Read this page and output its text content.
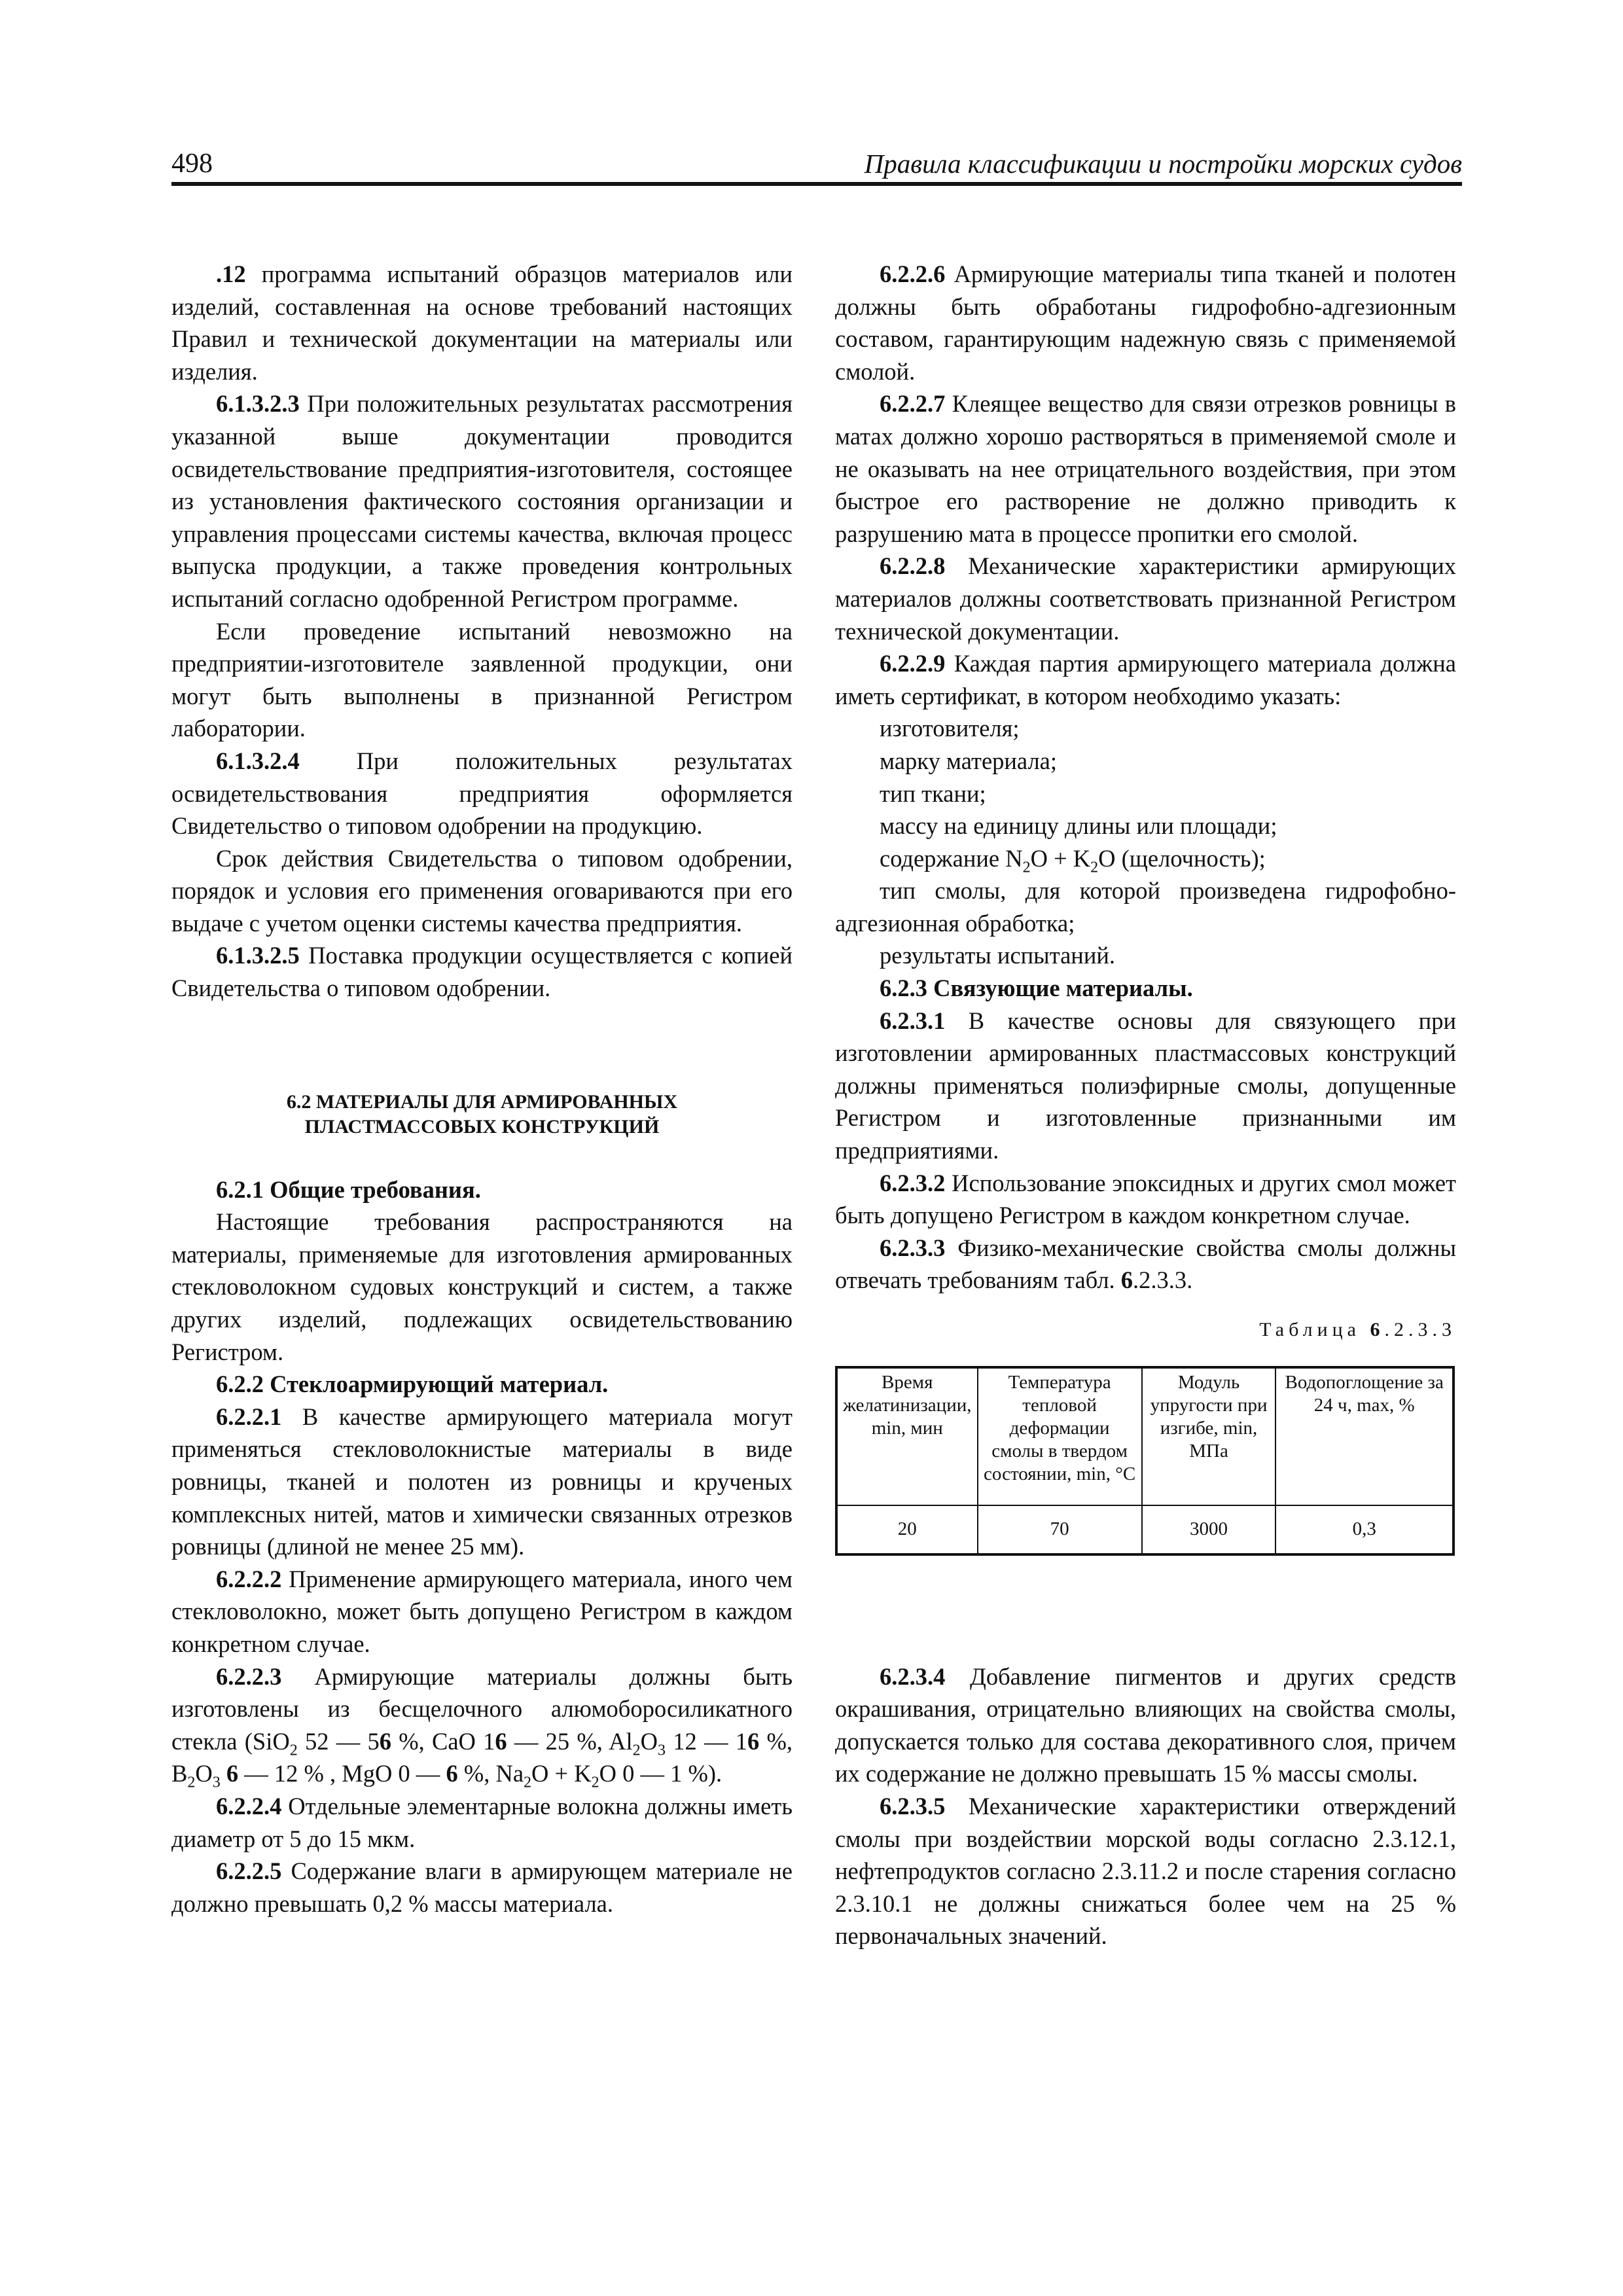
498	Правила классификации и постройки морских судов

.12 программа испытаний образцов материалов или изделий, составленная на основе требований настоящих Правил и технической документации на материалы или изделия.

6.1.3.2.3 При положительных результатах рассмотрения указанной выше документации проводится освидетельствование предприятия-изготовителя, состоящее из установления фактического состояния организации и управления процессами системы качества, включая процесс выпуска продукции, а также проведения контрольных испытаний согласно одобренной Регистром программе.

Если проведение испытаний невозможно на предприятии-изготовителе заявленной продукции, они могут быть выполнены в признанной Регистром лаборатории.

6.1.3.2.4 При положительных результатах освидетельствования предприятия оформляется Свидетельство о типовом одобрении на продукцию.

Срок действия Свидетельства о типовом одобрении, порядок и условия его применения оговариваются при его выдаче с учетом оценки системы качества предприятия.

6.1.3.2.5 Поставка продукции осуществляется с копией Свидетельства о типовом одобрении.

6.2 МАТЕРИАЛЫ ДЛЯ АРМИРОВАННЫХ
ПЛАСТМАССОВЫХ КОНСТРУКЦИЙ

6.2.1 Общие требования.

Настоящие требования распространяются на материалы, применяемые для изготовления армированных стекловолокном судовых конструкций и систем, а также других изделий, подлежащих освидетельствованию Регистром.

6.2.2 Стеклоармирующий материал.

6.2.2.1 В качестве армирующего материала могут применяться стекловолокнистые материалы в виде ровницы, тканей и полотен из ровницы и крученых комплексных нитей, матов и химически связанных отрезков ровницы (длиной не менее 25 мм).

6.2.2.2 Применение армирующего материала, иного чем стекловолокно, может быть допущено Регистром в каждом конкретном случае.

6.2.2.3 Армирующие материалы должны быть изготовлены из бесщелочного алюмоборосиликатного стекла (SiO$_2$ 52 — 56 %, CaO 16 — 25 %, $Al_2O_3$ 12 — 16 %, $B_2O_3$ 6 — 12 % , MgO 0 — 6 %, $Na_2O + K_2O$ 0 — 1 %).

6.2.2.4 Отдельные элементарные волокна должны иметь диаметр от 5 до 15 мкм.

6.2.2.5 Содержание влаги в армирующем материале не должно превышать 0,2 % массы материала.

6.2.2.6 Армирующие материалы типа тканей и полотен должны быть обработаны гидрофобно-адгезионным составом, гарантирующим надежную связь с применяемой смолой.

6.2.2.7 Клеящее вещество для связи отрезков ровницы в матах должно хорошо растворяться в применяемой смоле и не оказывать на нее отрицательного воздействия, при этом быстрое его растворение не должно приводить к разрушению мата в процессе пропитки его смолой.

6.2.2.8 Механические характеристики армирующих материалов должны соответствовать признанной Регистром технической документации.

6.2.2.9 Каждая партия армирующего материала должна иметь сертификат, в котором необходимо указать:

изготовителя;

марку материала;

тип ткани;

массу на единицу длины или площади;

содержание $N_2O + K_2O$ (щелочность);

тип смолы, для которой произведена гидрофобно-адгезионная обработка;

результаты испытаний.

6.2.3 Связующие материалы.

6.2.3.1 В качестве основы для связующего при изготовлении армированных пластмассовых конструкций должны применяться полиэфирные смолы, допущенные Регистром и изготовленные признанными им предприятиями.

6.2.3.2 Использование эпоксидных и других смол может быть допущено Регистром в каждом конкретном случае.

6.2.3.3 Физико-механические свойства смолы должны отвечать требованиям табл. 6.2.3.3.

Таблица 6.2.3.3

Время желатинизации, min, мин	Температура тепловой деформации смолы в твердом состоянии, min, °С	Модуль упругости при изгибе, min, МПа	Водопоглощение за 24 ч, max, %
20	70	3000	0,3

6.2.3.4 Добавление пигментов и других средств окрашивания, отрицательно влияющих на свойства смолы, допускается только для состава декоративного слоя, причем их содержание не должно превышать 15 % массы смолы.

6.2.3.5 Механические характеристики отверждений смолы при воздействии морской воды согласно 2.3.12.1, нефтепродуктов согласно 2.3.11.2 и после старения согласно 2.3.10.1 не должны снижаться более чем на 25 % первоначальных значений.
